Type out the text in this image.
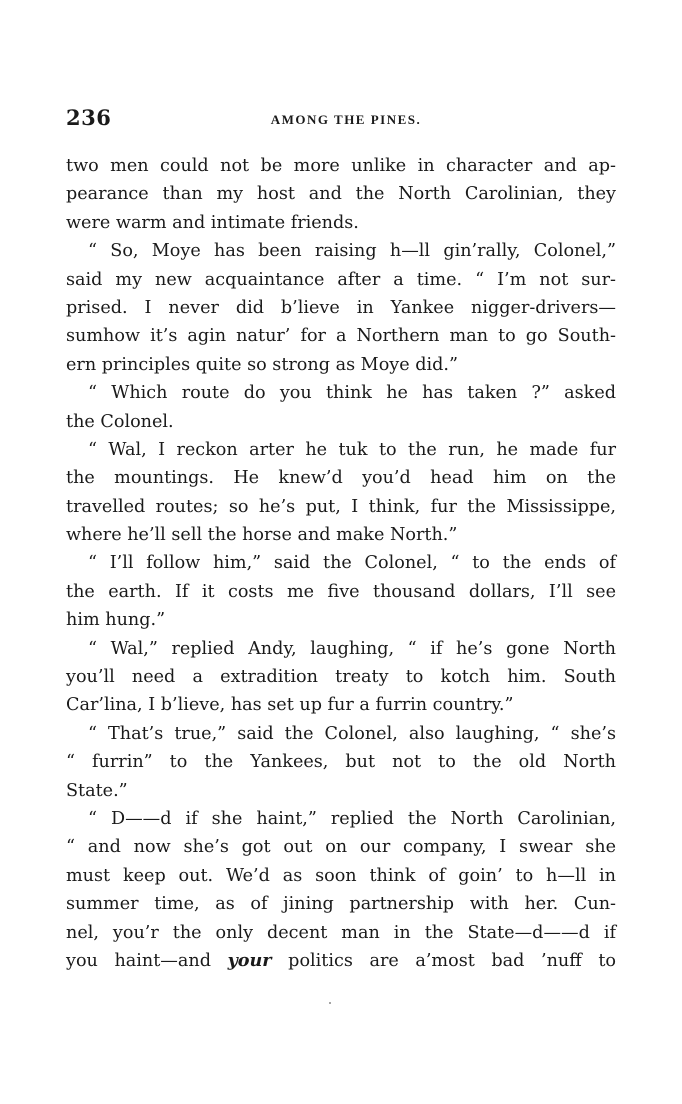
236	AMONG THE PINES.
two men could not be more unlike in character and ap-
pearance than my host and the North Carolinian, they
were warm and intimate friends.
“ So, Moye has been raising h—ll gin’rally, Colonel,”
said my new acquaintance after a time. “ I’m not sur-
prised. I never did b’lieve in Yankee nigger-drivers—
sumhow it’s agin natur’ for a Northern man to go South-
ern principles quite so strong as Moye did.”
“ Which route do you think he has taken ?” asked
the Colonel.
“ Wal, I reckon arter he tuk to the run, he made fur
the mountings. He knew’d you’d head him on the
travelled routes; so he’s put, I think, fur the Mississippe,
where he’ll sell the horse and make North.”
“ I’ll follow him,” said the Colonel, “ to the ends of
the earth. If it costs me five thousand dollars, I’ll see
him hung.”
“ Wal,” replied Andy, laughing, “ if he’s gone North
you’ll need a extradition treaty to kotch him. South
Car’lina, I b’lieve, has set up fur a furrin country.”
“ That’s true,” said the Colonel, also laughing, “ she’s
“ furrin” to the Yankees, but not to the old North
State.”
“ D——d if she haint,” replied the North Carolinian,
“ and now she’s got out on our company, I swear she
must keep out. We’d as soon think of goin’ to h—ll in
summer time, as of jining partnership with her. Cun-
nel, you’r the only decent man in the State—d——d if
you haint—and your politics are a’most bad ’nuff to
